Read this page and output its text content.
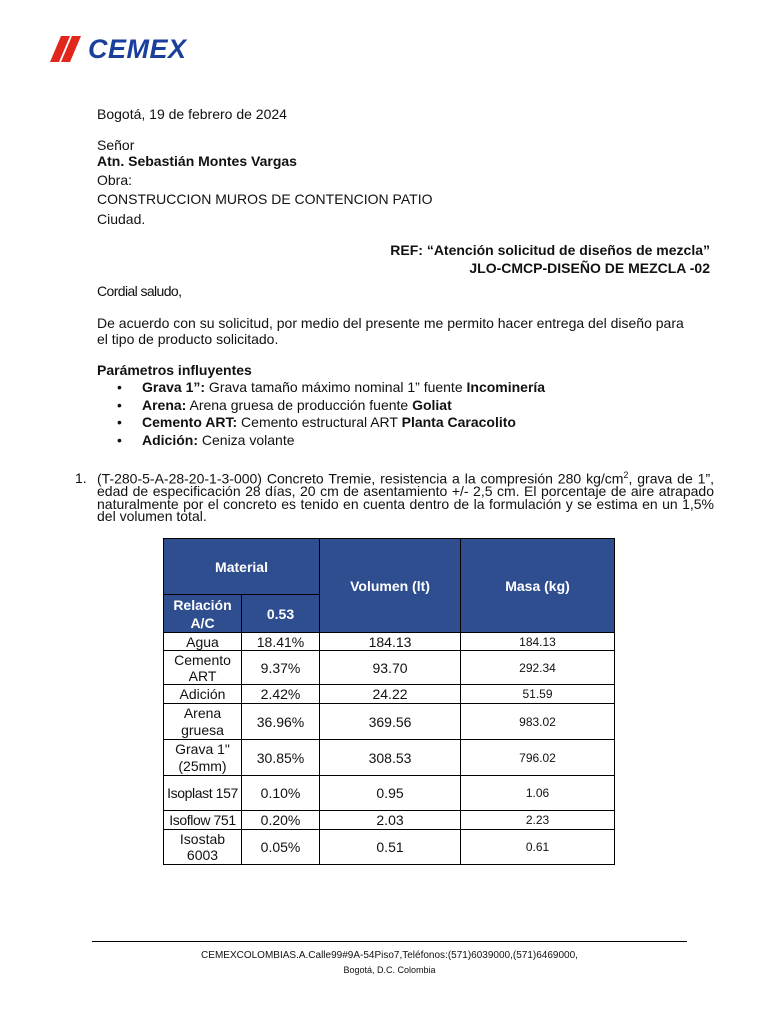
CEMEX
Bogotá, 19 de febrero de 2024
Señor
Atn. Sebastián Montes Vargas
Obra:
CONSTRUCCION MUROS DE CONTENCION PATIO
Ciudad.
REF: “Atención solicitud de diseños de mezcla”
JLO-CMCP-DISEÑO DE MEZCLA -02
Cordial saludo,
De acuerdo con su solicitud, por medio del presente me permito hacer entrega del diseño para
el tipo de producto solicitado.
Parámetros influyentes
• Grava 1”: Grava tamaño máximo nominal 1” fuente Incominería
• Arena: Arena gruesa de producción fuente Goliat
• Cemento ART: Cemento estructural ART Planta Caracolito
• Adición: Ceniza volante
1. (T-280-5-A-28-20-1-3-000) Concreto Tremie, resistencia a la compresión 280 $kg/cm^2$, grava de 1”, edad de especificación 28 días, 20 cm de asentamiento +/- 2,5 cm. El porcentaje de aire atrapado naturalmente por el concreto es tenido en cuenta dentro de la formulación y se estima en un 1,5% del volumen total.
Material		Volumen (lt)	Masa (kg)
Relación A/C	0.53		
Agua	18.41%	184.13	184.13
Cemento ART	9.37%	93.70	292.34
Adición	2.42%	24.22	51.59
Arena gruesa	36.96%	369.56	983.02
Grava 1" (25mm)	30.85%	308.53	796.02
Isoplast 157	0.10%	0.95	1.06
Isoflow 751	0.20%	2.03	2.23
Isostab 6003	0.05%	0.51	0.61
CEMEXCOLOMBIAS.A.Calle99#9A-54Piso7,Teléfonos:(571)6039000,(571)6469000,
Bogotá, D.C. Colombia
